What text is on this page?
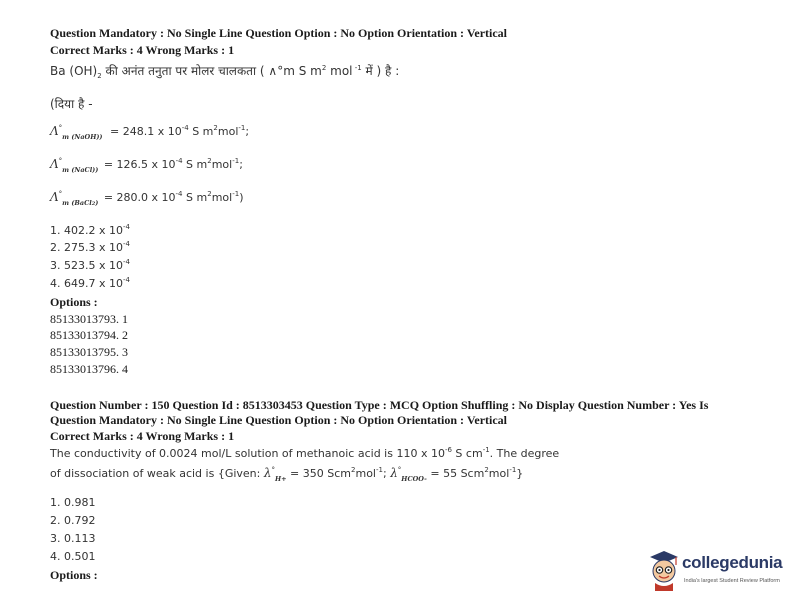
Question Mandatory : No Single Line Question Option : No Option Orientation : Vertical
Correct Marks : 4 Wrong Marks : 1
Ba $(OH)_2$ की अनंत तनुता पर मोलर चालकता ( ∧°m S $m^2$ mol $^{-1}$ में ) है :
(दिया है -
$\Lambda^\circ_{m (NaOH))} = 248.1$ x $10^{-4}$ S $m^2mol^{-1}$;
$\Lambda^\circ_{m (NaCl))} = 126.5$ x $10^{-4}$ S $m^2mol^{-1}$;
$\Lambda^\circ_{m (BaCl2)} = 280.0$ x $10^{-4}$ S $m^2mol^{-1}$)
1. 402.2 x $10^{-4}$
2. 275.3 x $10^{-4}$
3. 523.5 x $10^{-4}$
4. 649.7 x $10^{-4}$
Options :
85133013793. 1
85133013794. 2
85133013795. 3
85133013796. 4
Question Number : 150 Question Id : 8513303453 Question Type : MCQ Option Shuffling : No Display Question Number : Yes Is
Question Mandatory : No Single Line Question Option : No Option Orientation : Vertical
Correct Marks : 4 Wrong Marks : 1
The conductivity of 0.0024 mol/L solution of methanoic acid is 110 x $10^{-6}$ S $cm^{-1}$. The degree
of dissociation of weak acid is {Given: $\lambda^\circ_{H+} = 350$ Scm$^2$mol$^{-1}$; $\lambda^\circ_{HCOO-} = 55$ Scm$^2$mol$^{-1}$}
1. 0.981
2. 0.792
3. 0.113
4. 0.501
Options :
collegedunia
India's largest Student Review Platform
